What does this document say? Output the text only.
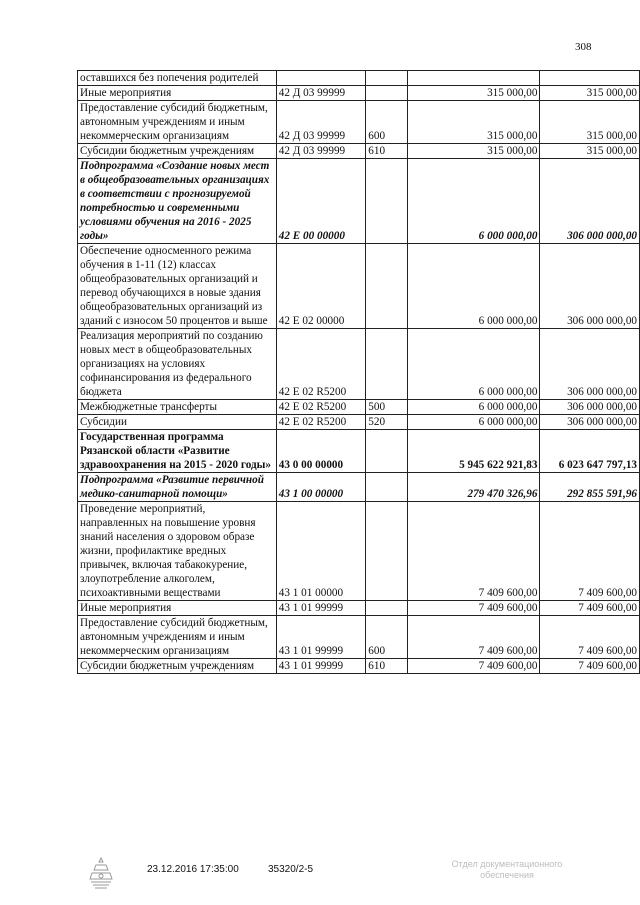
308
оставшихся без попечения родителей				
Иные мероприятия	42 Д 03 99999		315 000,00	315 000,00
Предоставление субсидий бюджетным, автономным учреждениям и иным некоммерческим организациям	42 Д 03 99999	600	315 000,00	315 000,00
Субсидии бюджетным учреждениям	42 Д 03 99999	610	315 000,00	315 000,00
Подпрограмма «Создание новых мест в общеобразовательных организациях в соответствии с прогнозируемой потребностью и современными условиями обучения на 2016 - 2025 годы»	42 Е 00 00000		6 000 000,00	306 000 000,00
Обеспечение односменного режима обучения в 1-11 (12) классах общеобразовательных организаций и перевод обучающихся в новые здания общеобразовательных организаций из зданий с износом 50 процентов и выше	42 Е 02 00000		6 000 000,00	306 000 000,00
Реализация мероприятий по созданию новых мест в общеобразовательных организациях на условиях софинансирования из федерального бюджета	42 Е 02 R5200		6 000 000,00	306 000 000,00
Межбюджетные трансферты	42 Е 02 R5200	500	6 000 000,00	306 000 000,00
Субсидии	42 Е 02 R5200	520	6 000 000,00	306 000 000,00
Государственная программа Рязанской области «Развитие здравоохранения на 2015 - 2020 годы»	43 0 00 00000		5 945 622 921,83	6 023 647 797,13
Подпрограмма «Развитие первичной медико-санитарной помощи»	43 1 00 00000		279 470 326,96	292 855 591,96
Проведение мероприятий, направленных на повышение уровня знаний населения о здоровом образе жизни, профилактике вредных привычек, включая табакокурение, злоупотребление алкоголем, психоактивными веществами	43 1 01 00000		7 409 600,00	7 409 600,00
Иные мероприятия	43 1 01 99999		7 409 600,00	7 409 600,00
Предоставление субсидий бюджетным, автономным учреждениям и иным некоммерческим организациям	43 1 01 99999	600	7 409 600,00	7 409 600,00
Субсидии бюджетным учреждениям	43 1 01 99999	610	7 409 600,00	7 409 600,00
23.12.2016 17:35:00	35320/2-5	Отдел документационного обеспечения
